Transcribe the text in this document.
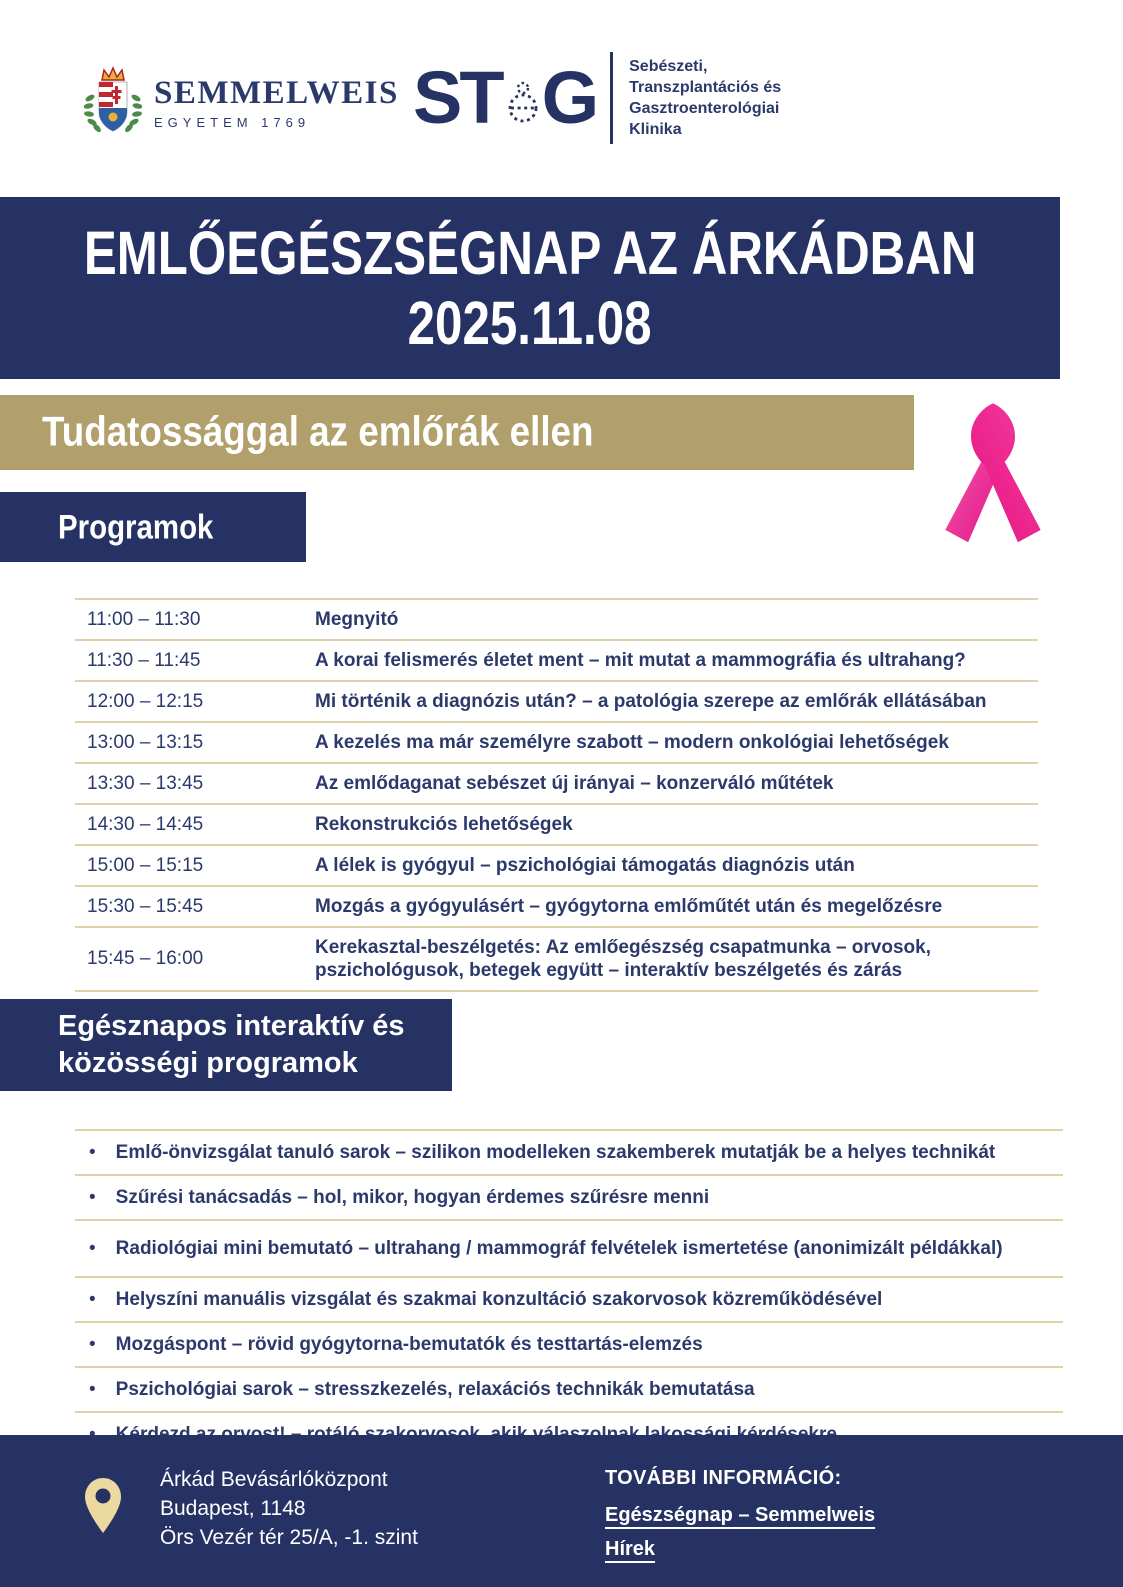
SEMMELWEIS
EGYETEM 1769	ST G Sebészeti,
Transzplantációs és
Gasztroenterológiai
Klinika
EMLŐEGÉSZSÉGNAP AZ ÁRKÁDBAN
2025.11.08
Tudatossággal az emlőrák ellen
Programok
11:00 – 11:30	Megnyitó
11:30 – 11:45	A korai felismerés életet ment – mit mutat a mammográfia és ultrahang?
12:00 – 12:15	Mi történik a diagnózis után? – a patológia szerepe az emlőrák ellátásában
13:00 – 13:15	A kezelés ma már személyre szabott – modern onkológiai lehetőségek
13:30 – 13:45	Az emlődaganat sebészet új irányai – konzerváló műtétek
14:30 – 14:45	Rekonstrukciós lehetőségek
15:00 – 15:15	A lélek is gyógyul – pszichológiai támogatás diagnózis után
15:30 – 15:45	Mozgás a gyógyulásért – gyógytorna emlőműtét után és megelőzésre
15:45 – 16:00	Kerekasztal-beszélgetés: Az emlőegészség csapatmunka – orvosok, pszichológusok, betegek együtt – interaktív beszélgetés és zárás
Egésznapos interaktív és
közösségi programok
• Emlő-önvizsgálat tanuló sarok – szilikon modelleken szakemberek mutatják be a helyes technikát
• Szűrési tanácsadás – hol, mikor, hogyan érdemes szűrésre menni
• Radiológiai mini bemutató – ultrahang / mammográf felvételek ismertetése (anonimizált példákkal)
• Helyszíni manuális vizsgálat és szakmai konzultáció szakorvosok közreműködésével
• Mozgáspont – rövid gyógytorna-bemutatók és testtartás-elemzés
• Pszichológiai sarok – stresszkezelés, relaxációs technikák bemutatása
Árkád Bevásárlóközpont
Budapest, 1148
Örs Vezér tér 25/A, -1. szint
TOVÁBBI INFORMÁCIÓ:
Egészségnap – Semmelweis Hírek
